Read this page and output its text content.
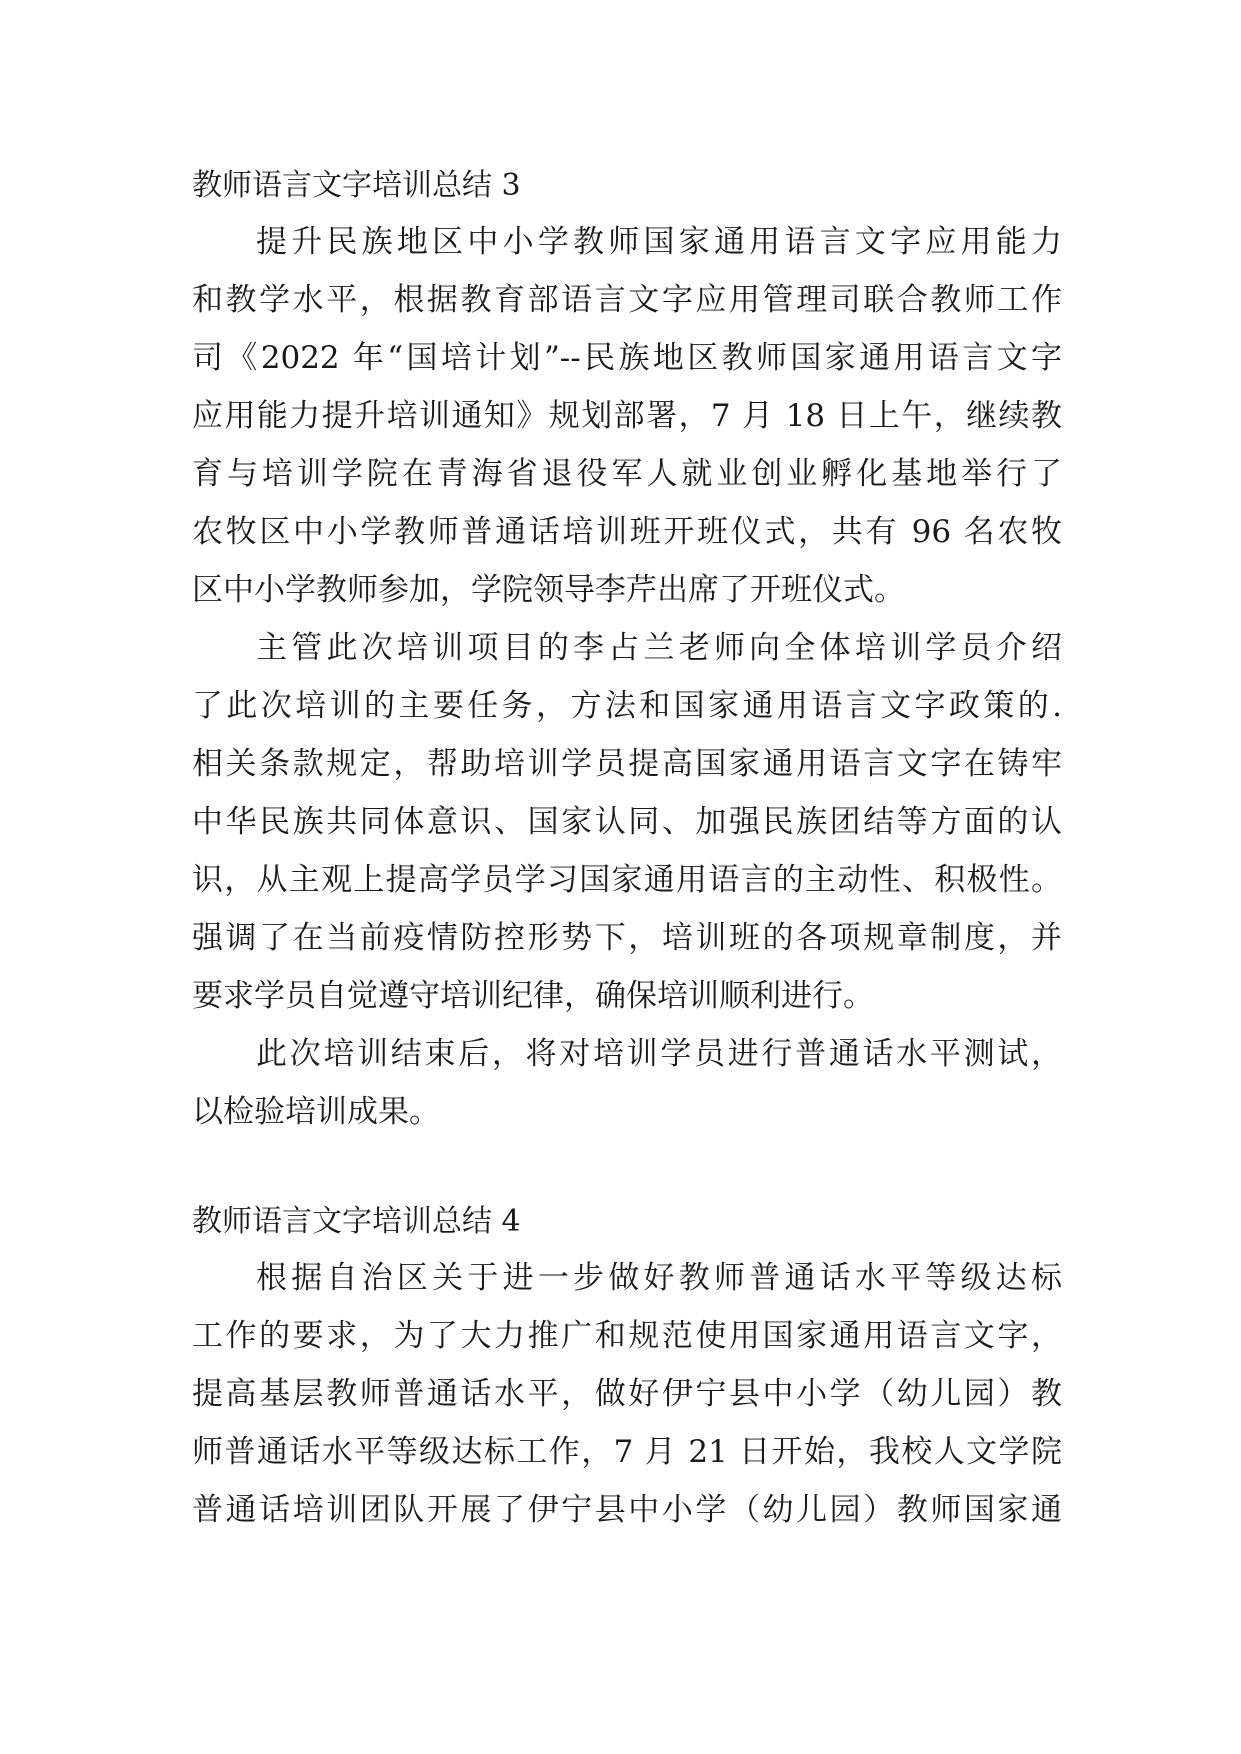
教师语言文字培训总结 3
提升民族地区中小学教师国家通用语言文字应用能力
和教学水平，根据教育部语言文字应用管理司联合教师工作
司《2022 年“国培计划”--民族地区教师国家通用语言文字
应用能力提升培训通知》规划部署，7 月 18 日上午，继续教
育与培训学院在青海省退役军人就业创业孵化基地举行了
农牧区中小学教师普通话培训班开班仪式，共有 96 名农牧
区中小学教师参加，学院领导李芹出席了开班仪式。
主管此次培训项目的李占兰老师向全体培训学员介绍
了此次培训的主要任务，方法和国家通用语言文字政策的.
相关条款规定，帮助培训学员提高国家通用语言文字在铸牢
中华民族共同体意识、国家认同、加强民族团结等方面的认
识，从主观上提高学员学习国家通用语言的主动性、积极性。
强调了在当前疫情防控形势下，培训班的各项规章制度，并
要求学员自觉遵守培训纪律，确保培训顺利进行。
此次培训结束后，将对培训学员进行普通话水平测试，
以检验培训成果。
教师语言文字培训总结 4
根据自治区关于进一步做好教师普通话水平等级达标
工作的要求，为了大力推广和规范使用国家通用语言文字，
提高基层教师普通话水平，做好伊宁县中小学（幼儿园）教
师普通话水平等级达标工作，7 月 21 日开始，我校人文学院
普通话培训团队开展了伊宁县中小学（幼儿园）教师国家通
